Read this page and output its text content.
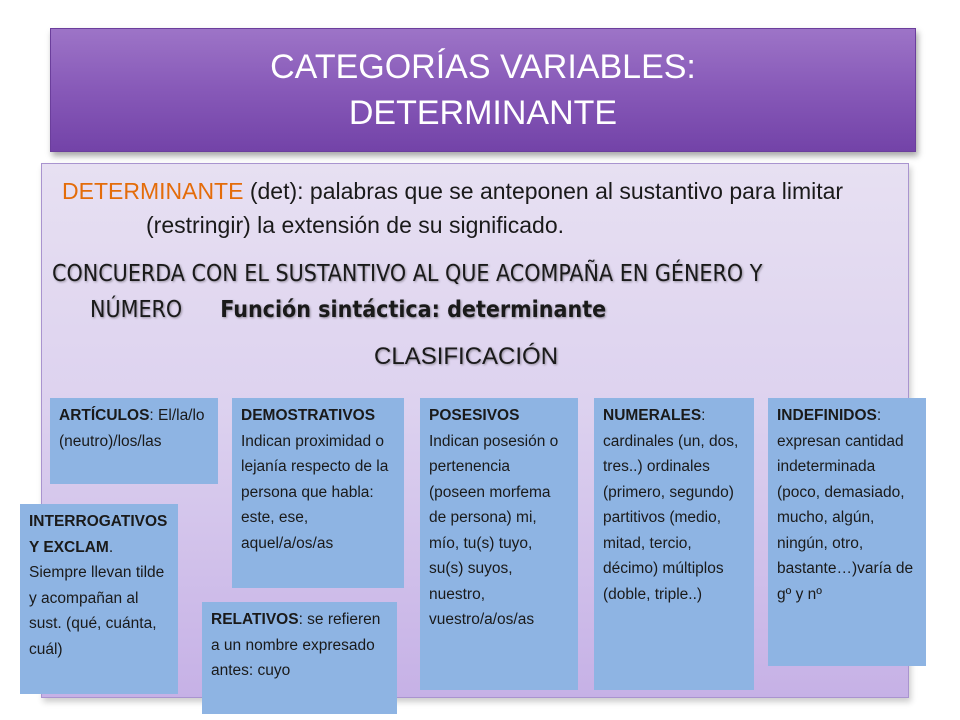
CATEGORÍAS VARIABLES:
DETERMINANTE
DETERMINANTE (det): palabras que se anteponen al sustantivo para limitar (restringir) la extensión de su significado.
CONCUERDA CON EL SUSTANTIVO AL QUE ACOMPAÑA EN GÉNERO Y NÚMERO Función sintáctica: determinante
CLASIFICACIÓN
ARTÍCULOS: El/la/lo (neutro)/los/las
DEMOSTRATIVOS Indican proximidad o lejanía respecto de la persona que habla: este, ese, aquel/a/os/as
POSESIVOS Indican posesión o pertenencia (poseen morfema de persona) mi, mío, tu(s) tuyo, su(s) suyos, nuestro, vuestro/a/os/as
NUMERALES: cardinales (un, dos, tres..) ordinales (primero, segundo) partitivos (medio, mitad, tercio, décimo) múltiplos (doble, triple..)
INDEFINIDOS: expresan cantidad indeterminada (poco, demasiado, mucho, algún, ningún, otro, bastante…)varía de gº y nº
INTERROGATIVOS Y EXCLAM. Siempre llevan tilde y acompañan al sust. (qué, cuánta, cuál)
RELATIVOS: se refieren a un nombre expresado antes: cuyo
